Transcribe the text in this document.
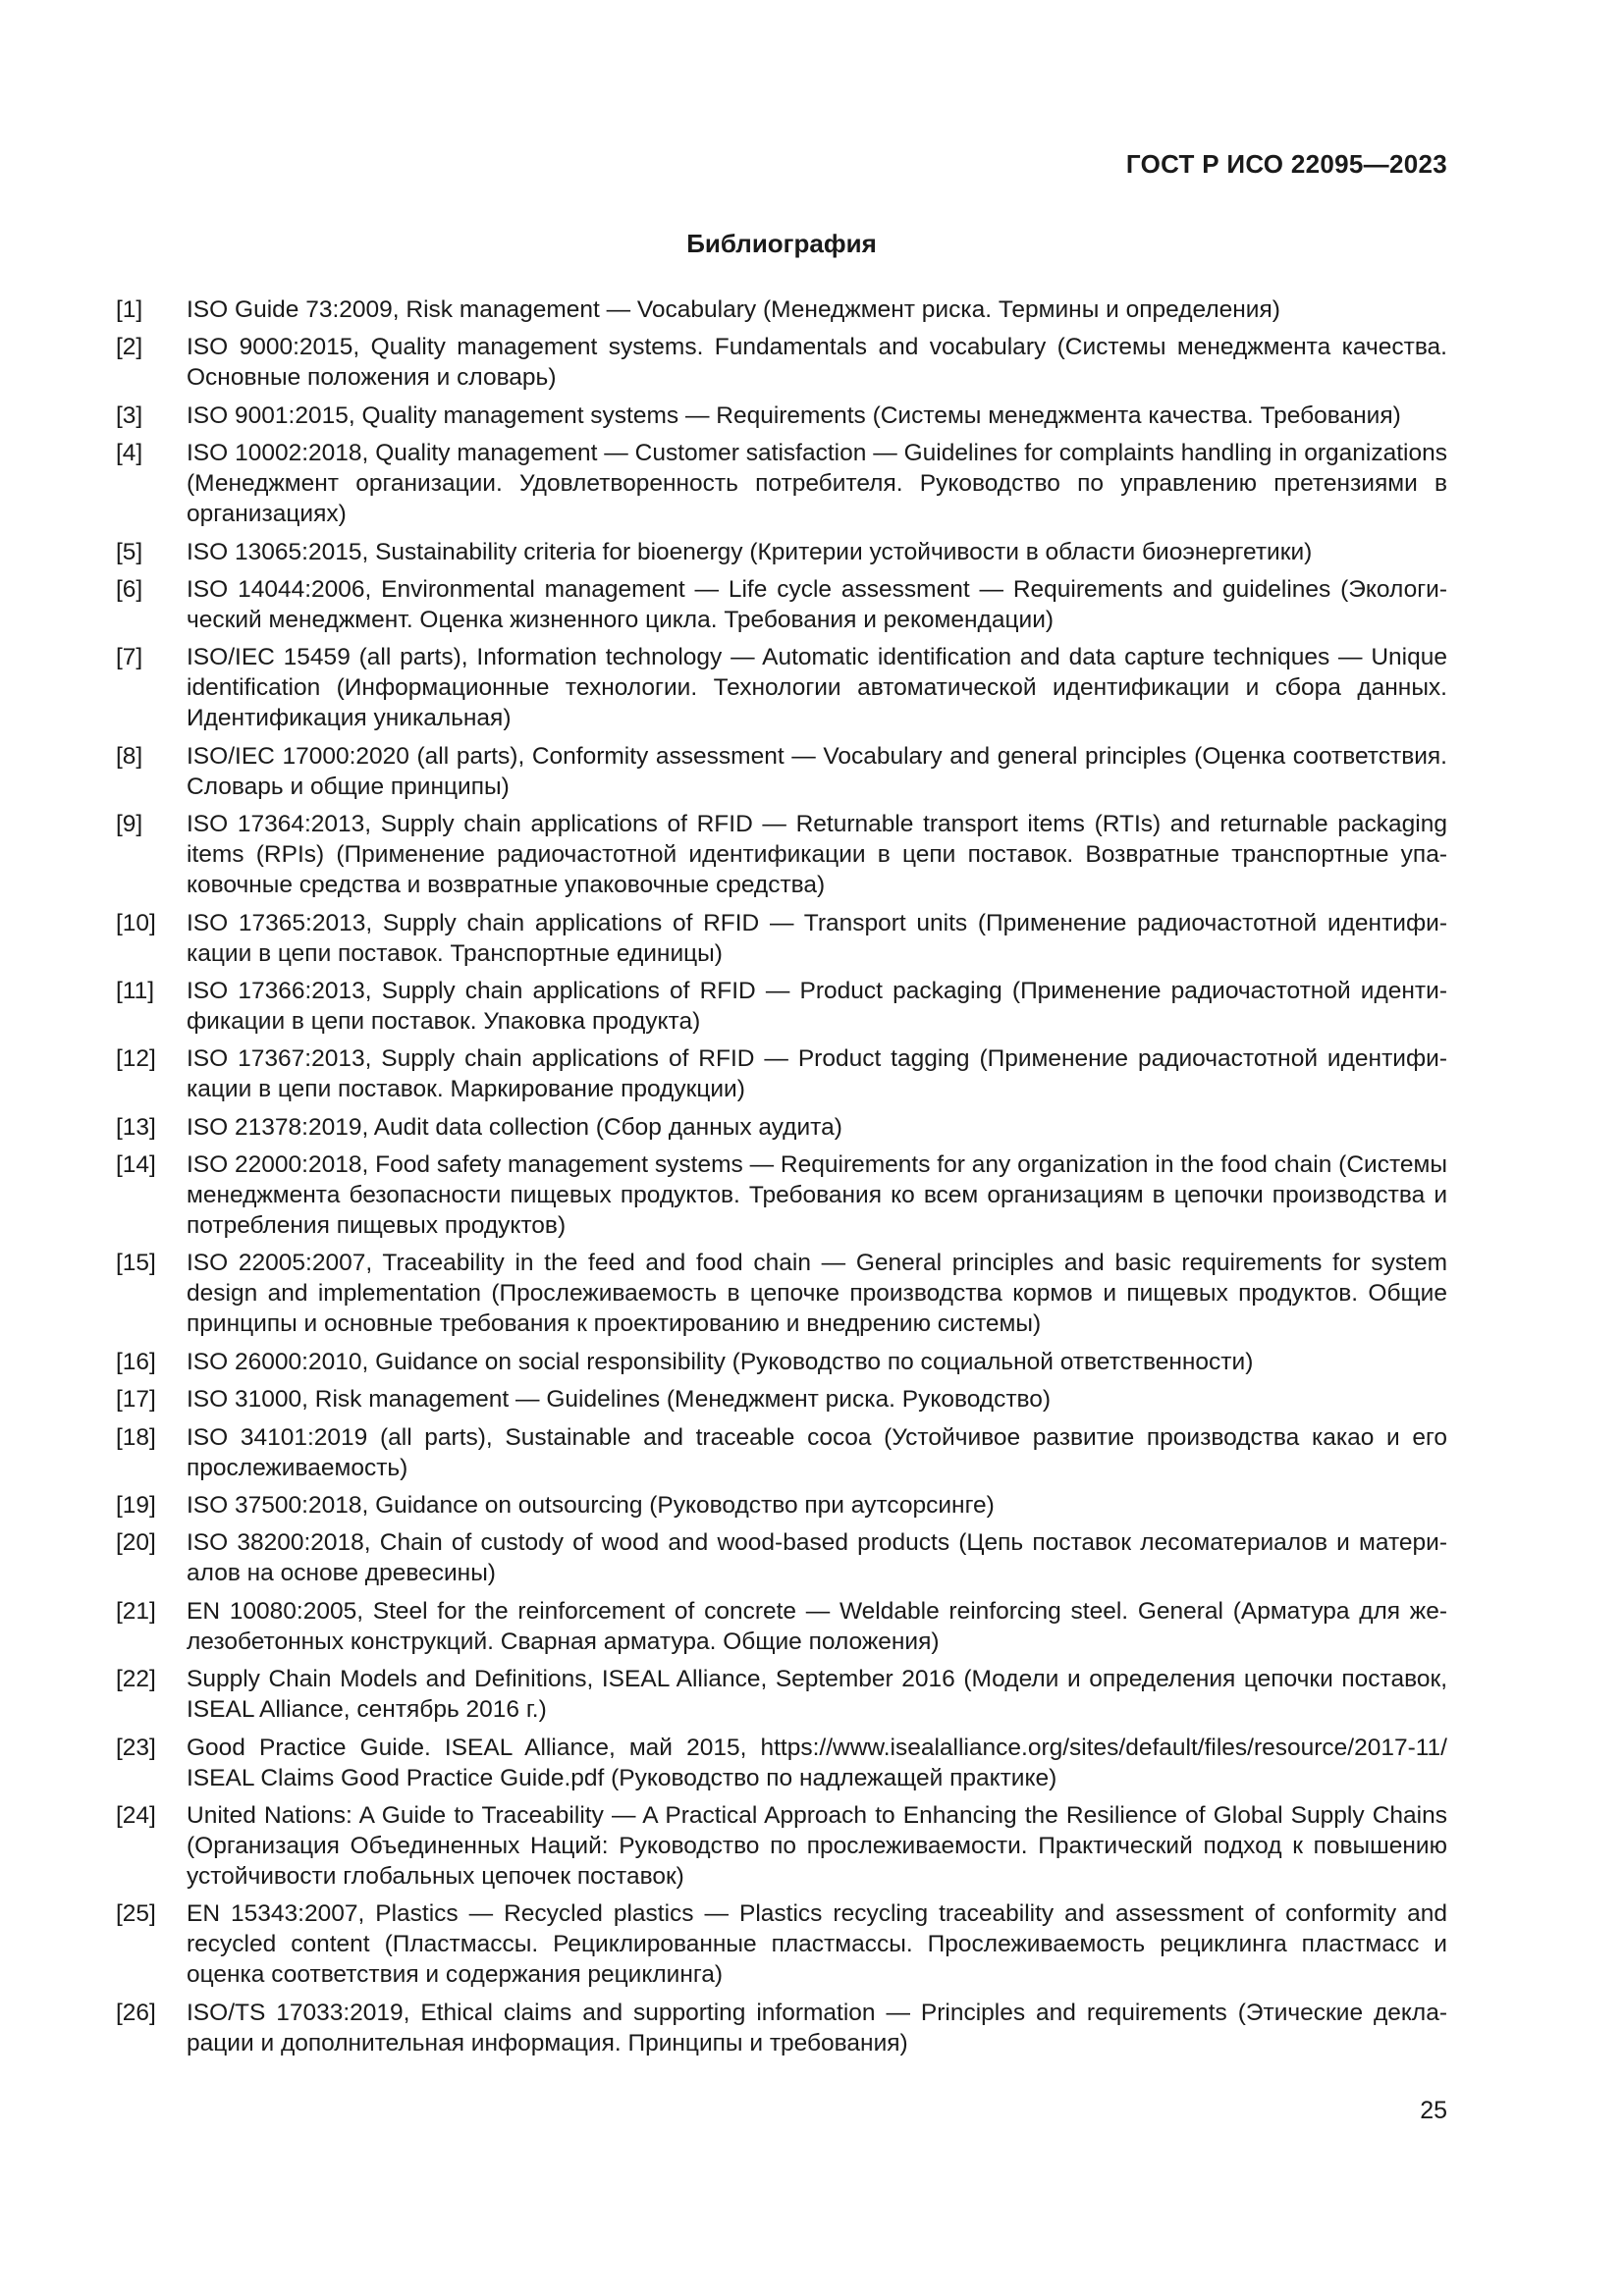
ГОСТ Р ИСО 22095—2023
Библиография
[1]	ISO Guide 73:2009, Risk management — Vocabulary (Менеджмент риска. Термины и определения)
[2]	ISO 9000:2015, Quality management systems. Fundamentals and vocabulary (Системы менеджмента качества. Основные положения и словарь)
[3]	ISO 9001:2015, Quality management systems — Requirements (Системы менеджмента качества. Требования)
[4]	ISO 10002:2018, Quality management — Customer satisfaction — Guidelines for complaints handling in organizations (Менеджмент организации. Удовлетворенность потребителя. Руководство по управлению претензиями в организациях)
[5]	ISO 13065:2015, Sustainability criteria for bioenergy (Критерии устойчивости в области биоэнергетики)
[6]	ISO 14044:2006, Environmental management — Life cycle assessment — Requirements and guidelines (Экологический менеджмент. Оценка жизненного цикла. Требования и рекомендации)
[7]	ISO/IEC 15459 (all parts), Information technology — Automatic identification and data capture techniques — Unique identification (Информационные технологии. Технологии автоматической идентификации и сбора данных. Идентификация уникальная)
[8]	ISO/IEC 17000:2020 (all parts), Conformity assessment — Vocabulary and general principles (Оценка соответствия. Словарь и общие принципы)
[9]	ISO 17364:2013, Supply chain applications of RFID — Returnable transport items (RTIs) and returnable packaging items (RPIs) (Применение радиочастотной идентификации в цепи поставок. Возвратные транспортные упаковочные средства и возвратные упаковочные средства)
[10]	ISO 17365:2013, Supply chain applications of RFID — Transport units (Применение радиочастотной идентификации в цепи поставок. Транспортные единицы)
[11]	ISO 17366:2013, Supply chain applications of RFID — Product packaging (Применение радиочастотной идентификации в цепи поставок. Упаковка продукта)
[12]	ISO 17367:2013, Supply chain applications of RFID — Product tagging (Применение радиочастотной идентификации в цепи поставок. Маркирование продукции)
[13]	ISO 21378:2019, Audit data collection (Сбор данных аудита)
[14]	ISO 22000:2018, Food safety management systems — Requirements for any organization in the food chain (Системы менеджмента безопасности пищевых продуктов. Требования ко всем организациям в цепочки производства и потребления пищевых продуктов)
[15]	ISO 22005:2007, Traceability in the feed and food chain — General principles and basic requirements for system design and implementation (Прослеживаемость в цепочке производства кормов и пищевых продуктов. Общие принципы и основные требования к проектированию и внедрению системы)
[16]	ISO 26000:2010, Guidance on social responsibility (Руководство по социальной ответственности)
[17]	ISO 31000, Risk management — Guidelines (Менеджмент риска. Руководство)
[18]	ISO 34101:2019 (all parts), Sustainable and traceable cocoa (Устойчивое развитие производства какао и его прослеживаемость)
[19]	ISO 37500:2018, Guidance on outsourcing (Руководство при аутсорсинге)
[20]	ISO 38200:2018, Chain of custody of wood and wood-based products (Цепь поставок лесоматериалов и материалов на основе древесины)
[21]	EN 10080:2005, Steel for the reinforcement of concrete — Weldable reinforcing steel. General (Арматура для железобетонных конструкций. Сварная арматура. Общие положения)
[22]	Supply Chain Models and Definitions, ISEAL Alliance, September 2016 (Модели и определения цепочки поставок, ISEAL Alliance, сентябрь 2016 г.)
[23]	Good Practice Guide. ISEAL Alliance, май 2015, https://www.isealalliance.org/sites/default/files/resource/2017-11/ ISEAL Claims Good Practice Guide.pdf (Руководство по надлежащей практике)
[24]	United Nations: A Guide to Traceability — A Practical Approach to Enhancing the Resilience of Global Supply Chains (Организация Объединенных Наций: Руководство по прослеживаемости. Практический подход к повышению устойчивости глобальных цепочек поставок)
[25]	EN 15343:2007, Plastics — Recycled plastics — Plastics recycling traceability and assessment of conformity and recycled content (Пластмассы. Рециклированные пластмассы. Прослеживаемость рециклинга пластмасс и оценка соответствия и содержания рециклинга)
[26]	ISO/TS 17033:2019, Ethical claims and supporting information — Principles and requirements (Этические декларации и дополнительная информация. Принципы и требования)
25
